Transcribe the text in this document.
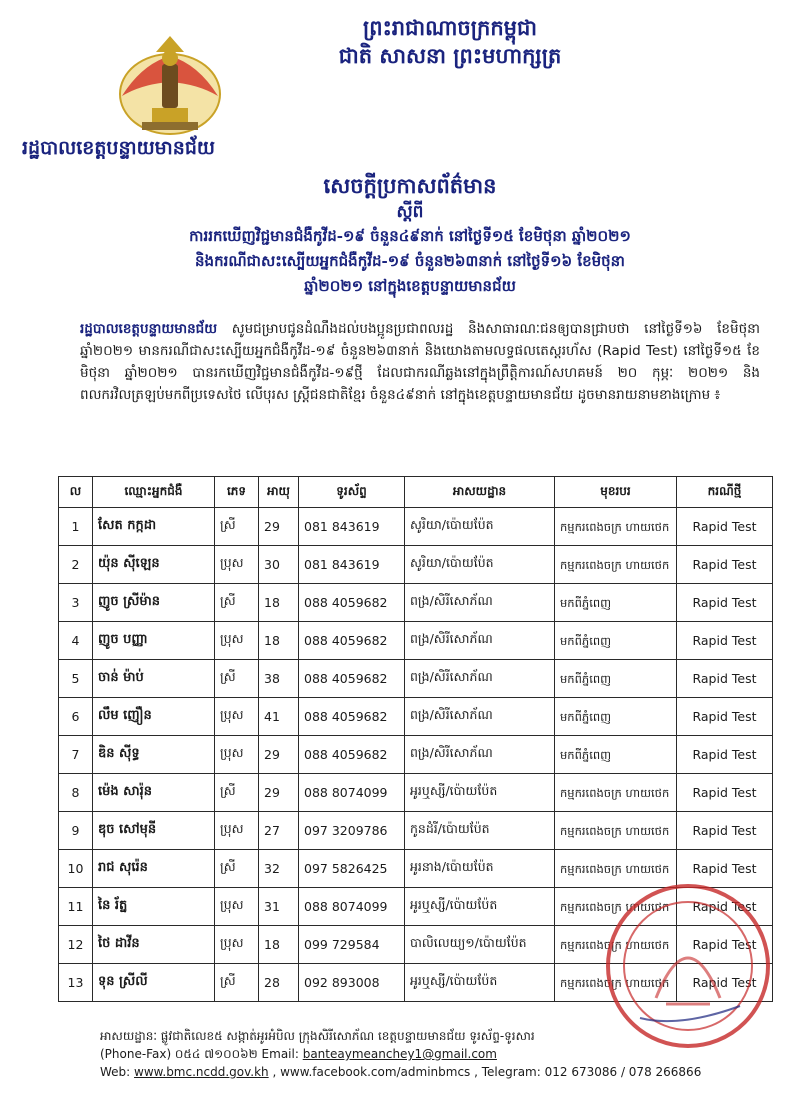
ព្រះរាជាណាចក្រកម្ពុជា
ជាតិ សាសនា ព្រះមហាក្សត្រ
រដ្ឋបាលខេត្តបន្ទាយមានជ័យ
សេចក្តីប្រកាសព័ត៌មាន
ស្តីពី
ការរកឃើញវិជ្ជមានជំងឺកូវីដ-១៩ ចំនួន៤៩នាក់ នៅថ្ងៃទី១៥ ខែមិថុនា ឆ្នាំ២០២១
និងករណីជាសះស្បើយអ្នកជំងឺកូវីដ-១៩ ចំនួន២៦៣នាក់ នៅថ្ងៃទី១៦ ខែមិថុនា
ឆ្នាំ២០២១ នៅក្នុងខេត្តបន្ទាយមានជ័យ
រដ្ឋបាលខេត្តបន្ទាយមានជ័យ សូមជម្រាបជូនដំណឹងដល់បងប្អូនប្រជាពលរដ្ឋ និងសាធារណៈជនឲ្យបានជ្រាបថា នៅថ្ងៃទី១៦ ខែមិថុនា ឆ្នាំ២០២១ មានករណីជាសះស្បើយអ្នកជំងឺកូវីដ-១៩ ចំនួន២៦៣នាក់ និងយោងតាមលទ្ធផលតេស្តរហ័ស (Rapid Test) នៅថ្ងៃទី១៥ ខែមិថុនា ឆ្នាំ២០២១ បានរកឃើញវិជ្ជមានជំងឺកូវីដ-១៩ថ្មី ដែលជាករណីឆ្លងនៅក្នុងព្រឹត្តិការណ៍សហគមន៍ ២០ កុម្ភៈ ២០២១ និងពលករវិលត្រឡប់មកពីប្រទេសថៃ លើបុរស ស្ត្រីជនជាតិខ្មែរ ចំនួន៤៩នាក់ នៅក្នុងខេត្តបន្ទាយមានជ័យ ដូចមានរាយនាមខាងក្រោម ៖
ល	ឈ្មោះអ្នកជំងឺ	ភេទ	អាយុ	ទូរស័ព្ទ	អាសយដ្ឋាន	មុខរបរ	ករណីថ្មី
1	សែត កក្កដា	ស្រី	29	081 843619	សូរិយា/ប៉ោយប៉ែត	កម្មករពេងចក្រ ហាយថេក	Rapid Test
2	យ៉ុន ស៊ីឡេន	ប្រុស	30	081 843619	សូរិយា/ប៉ោយប៉ែត	កម្មករពេងចក្រ ហាយថេក	Rapid Test
3	ញូច ស្រីម៉ាន	ស្រី	18	088 4059682	ពង្រ/សិរីសោភ័ណ	មកពីភ្នំពេញ	Rapid Test
4	ញូច បញ្ញា	ប្រុស	18	088 4059682	ពង្រ/សិរីសោភ័ណ	មកពីភ្នំពេញ	Rapid Test
5	ចាន់ ម៉ាប់	ស្រី	38	088 4059682	ពង្រ/សិរីសោភ័ណ	មកពីភ្នំពេញ	Rapid Test
6	លឹម ញឿន	ប្រុស	41	088 4059682	ពង្រ/សិរីសោភ័ណ	មកពីភ្នំពេញ	Rapid Test
7	ឌិន ស៊ីទ្ធ	ប្រុស	29	088 4059682	ពង្រ/សិរីសោភ័ណ	មកពីភ្នំពេញ	Rapid Test
8	ម៉េង សារ៉ុន	ស្រី	29	088 8074099	អូរឬស្សី/ប៉ោយប៉ែត	កម្មករពេងចក្រ ហាយថេក	Rapid Test
9	ឌុច សៅមុនី	ប្រុស	27	097 3209786	កូនដំរី/ប៉ោយប៉ែត	កម្មករពេងចក្រ ហាយថេក	Rapid Test
10	រាជ សុរ៉េន	ស្រី	32	097 5826425	អូរនាង/ប៉ោយប៉ែត	កម្មករពេងចក្រ ហាយថេក	Rapid Test
11	នៃ រ័ត្ន	ប្រុស	31	088 8074099	អូរឬស្សី/ប៉ោយប៉ែត	កម្មករពេងចក្រ ហាយថេក	Rapid Test
12	ថៃ ដាវីន	ប្រុស	18	099 729584	បាលិលេយ្យ១/ប៉ោយប៉ែត	កម្មករពេងចក្រ ហាយថេក	Rapid Test
13	ទុន ស្រីលី	ស្រី	28	092 893008	អូរឬស្សី/ប៉ោយប៉ែត	កម្មករពេងចក្រ ហាយថេក	Rapid Test
អាសយដ្ឋានៈ ផ្លូវជាតិលេខ៥ សង្កាត់អូរអំបិល ក្រុងសិរីសោភ័ណ ខេត្តបន្ទាយមានជ័យ ទូរស័ព្ទ-ទូរសារ
(Phone-Fax) ០៥៤ ៧១០០៦២ Email: banteaymeanchey1@gmail.com
Web: www.bmc.ncdd.gov.kh , www.facebook.com/adminbmcs , Telegram: 012 673086 / 078 266866
